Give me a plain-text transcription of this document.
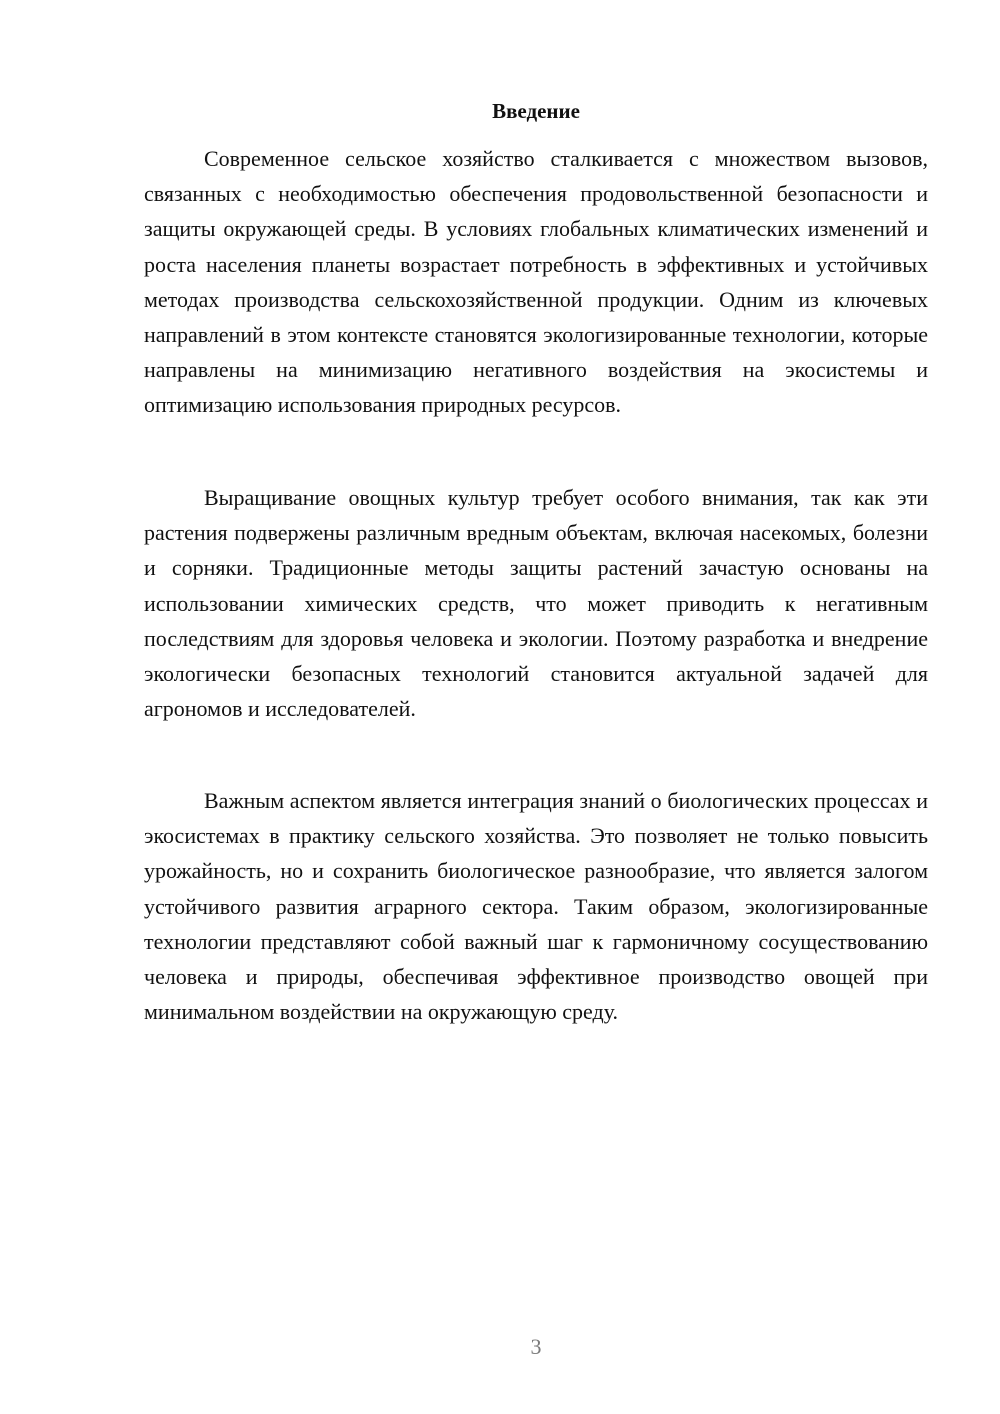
Введение

Современное сельское хозяйство сталкивается с множеством вызовов, связанных с необходимостью обеспечения продовольственной безопасности и защиты окружающей среды. В условиях глобальных климатических изменений и роста населения планеты возрастает потребность в эффективных и устойчивых методах производства сельскохозяйственной продукции. Одним из ключевых направлений в этом контексте становятся экологизированные технологии, которые направлены на минимизацию негативного воздействия на экосистемы и оптимизацию использования природных ресурсов.

Выращивание овощных культур требует особого внимания, так как эти растения подвержены различным вредным объектам, включая насекомых, болезни и сорняки. Традиционные методы защиты растений зачастую основаны на использовании химических средств, что может приводить к негативным последствиям для здоровья человека и экологии. Поэтому разработка и внедрение экологически безопасных технологий становится актуальной задачей для агрономов и исследователей.

Важным аспектом является интеграция знаний о биологических процессах и экосистемах в практику сельского хозяйства. Это позволяет не только повысить урожайность, но и сохранить биологическое разнообразие, что является залогом устойчивого развития аграрного сектора. Таким образом, экологизированные технологии представляют собой важный шаг к гармоничному сосуществованию человека и природы, обеспечивая эффективное производство овощей при минимальном воздействии на окружающую среду.

3
